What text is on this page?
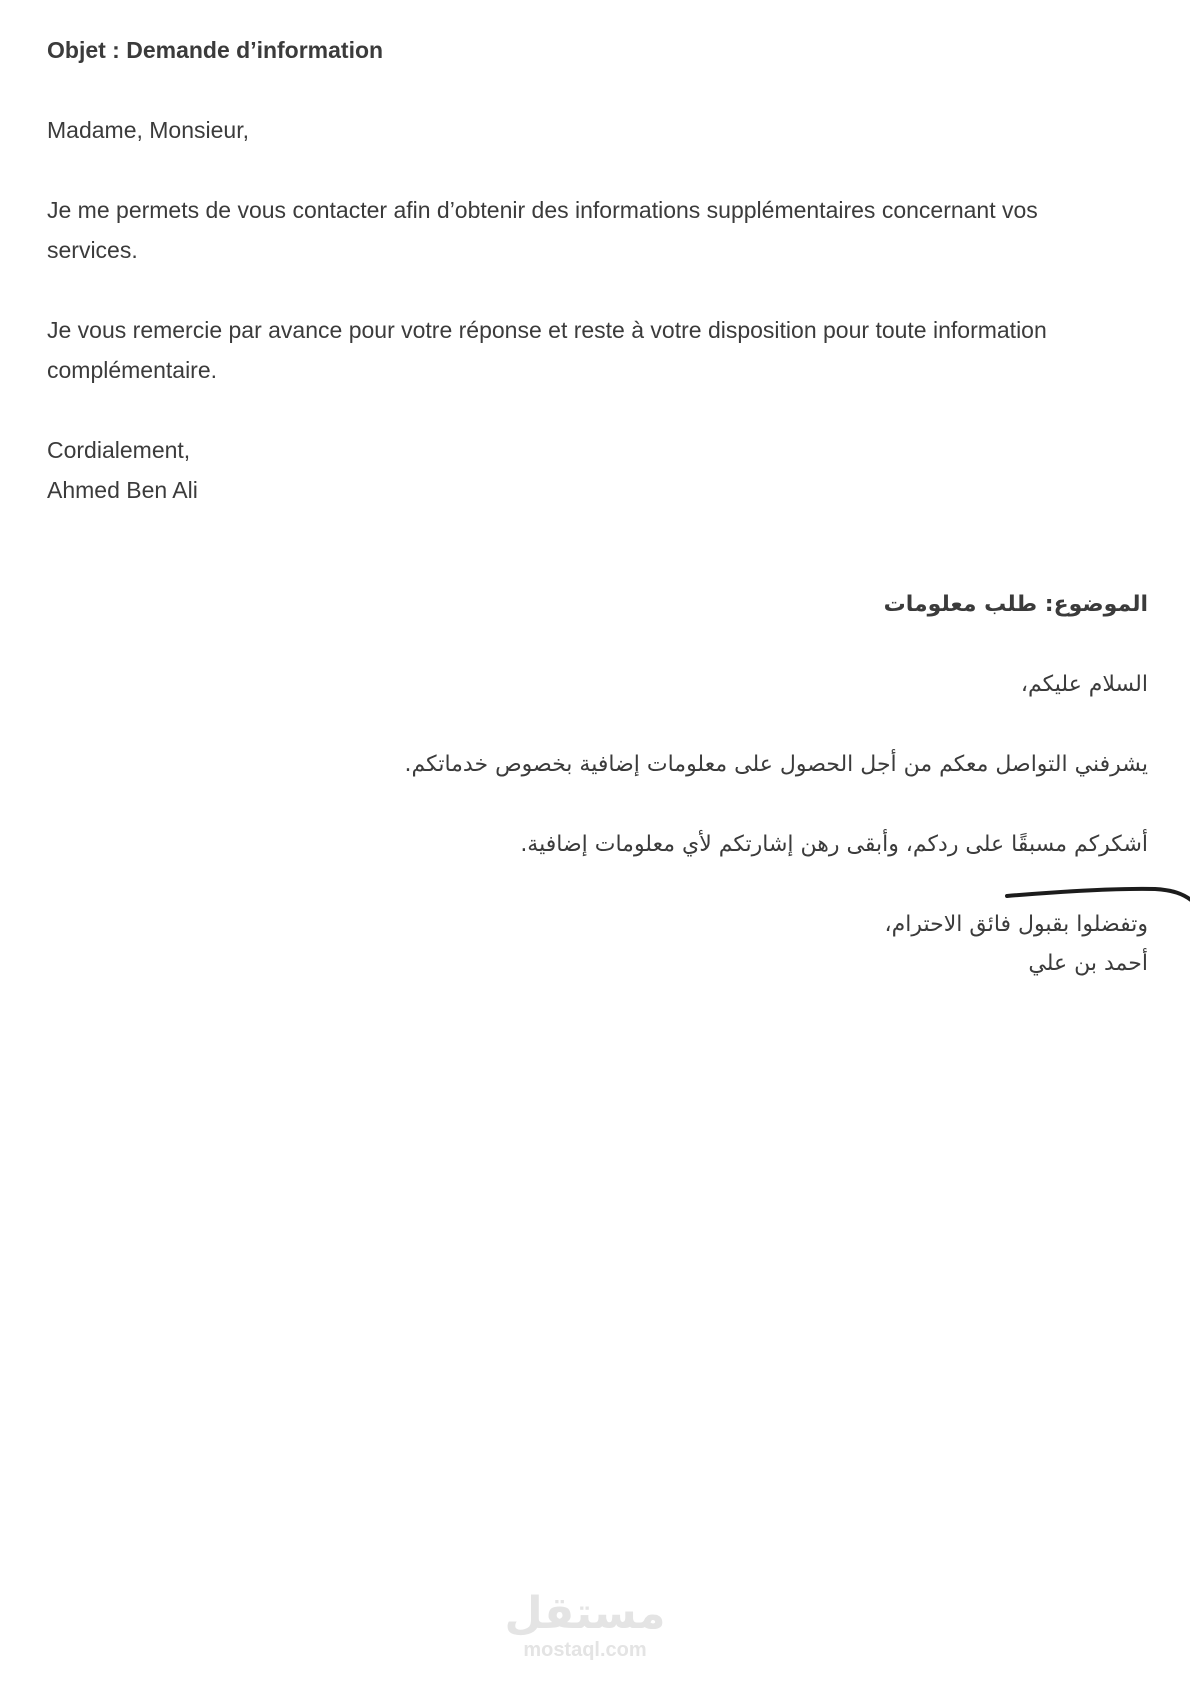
Objet : Demande d’information

Madame, Monsieur,

Je me permets de vous contacter afin d’obtenir des informations supplémentaires concernant vos services.

Je vous remercie par avance pour votre réponse et reste à votre disposition pour toute information complémentaire.

Cordialement,
Ahmed Ben Ali

الموضوع: طلب معلومات

السلام عليكم،

يشرفني التواصل معكم من أجل الحصول على معلومات إضافية بخصوص خدماتكم.

أشكركم مسبقًا على ردكم، وأبقى رهن إشارتكم لأي معلومات إضافية.

وتفضلوا بقبول فائق الاحترام،
أحمد بن علي
مستقل
mostaql.com
